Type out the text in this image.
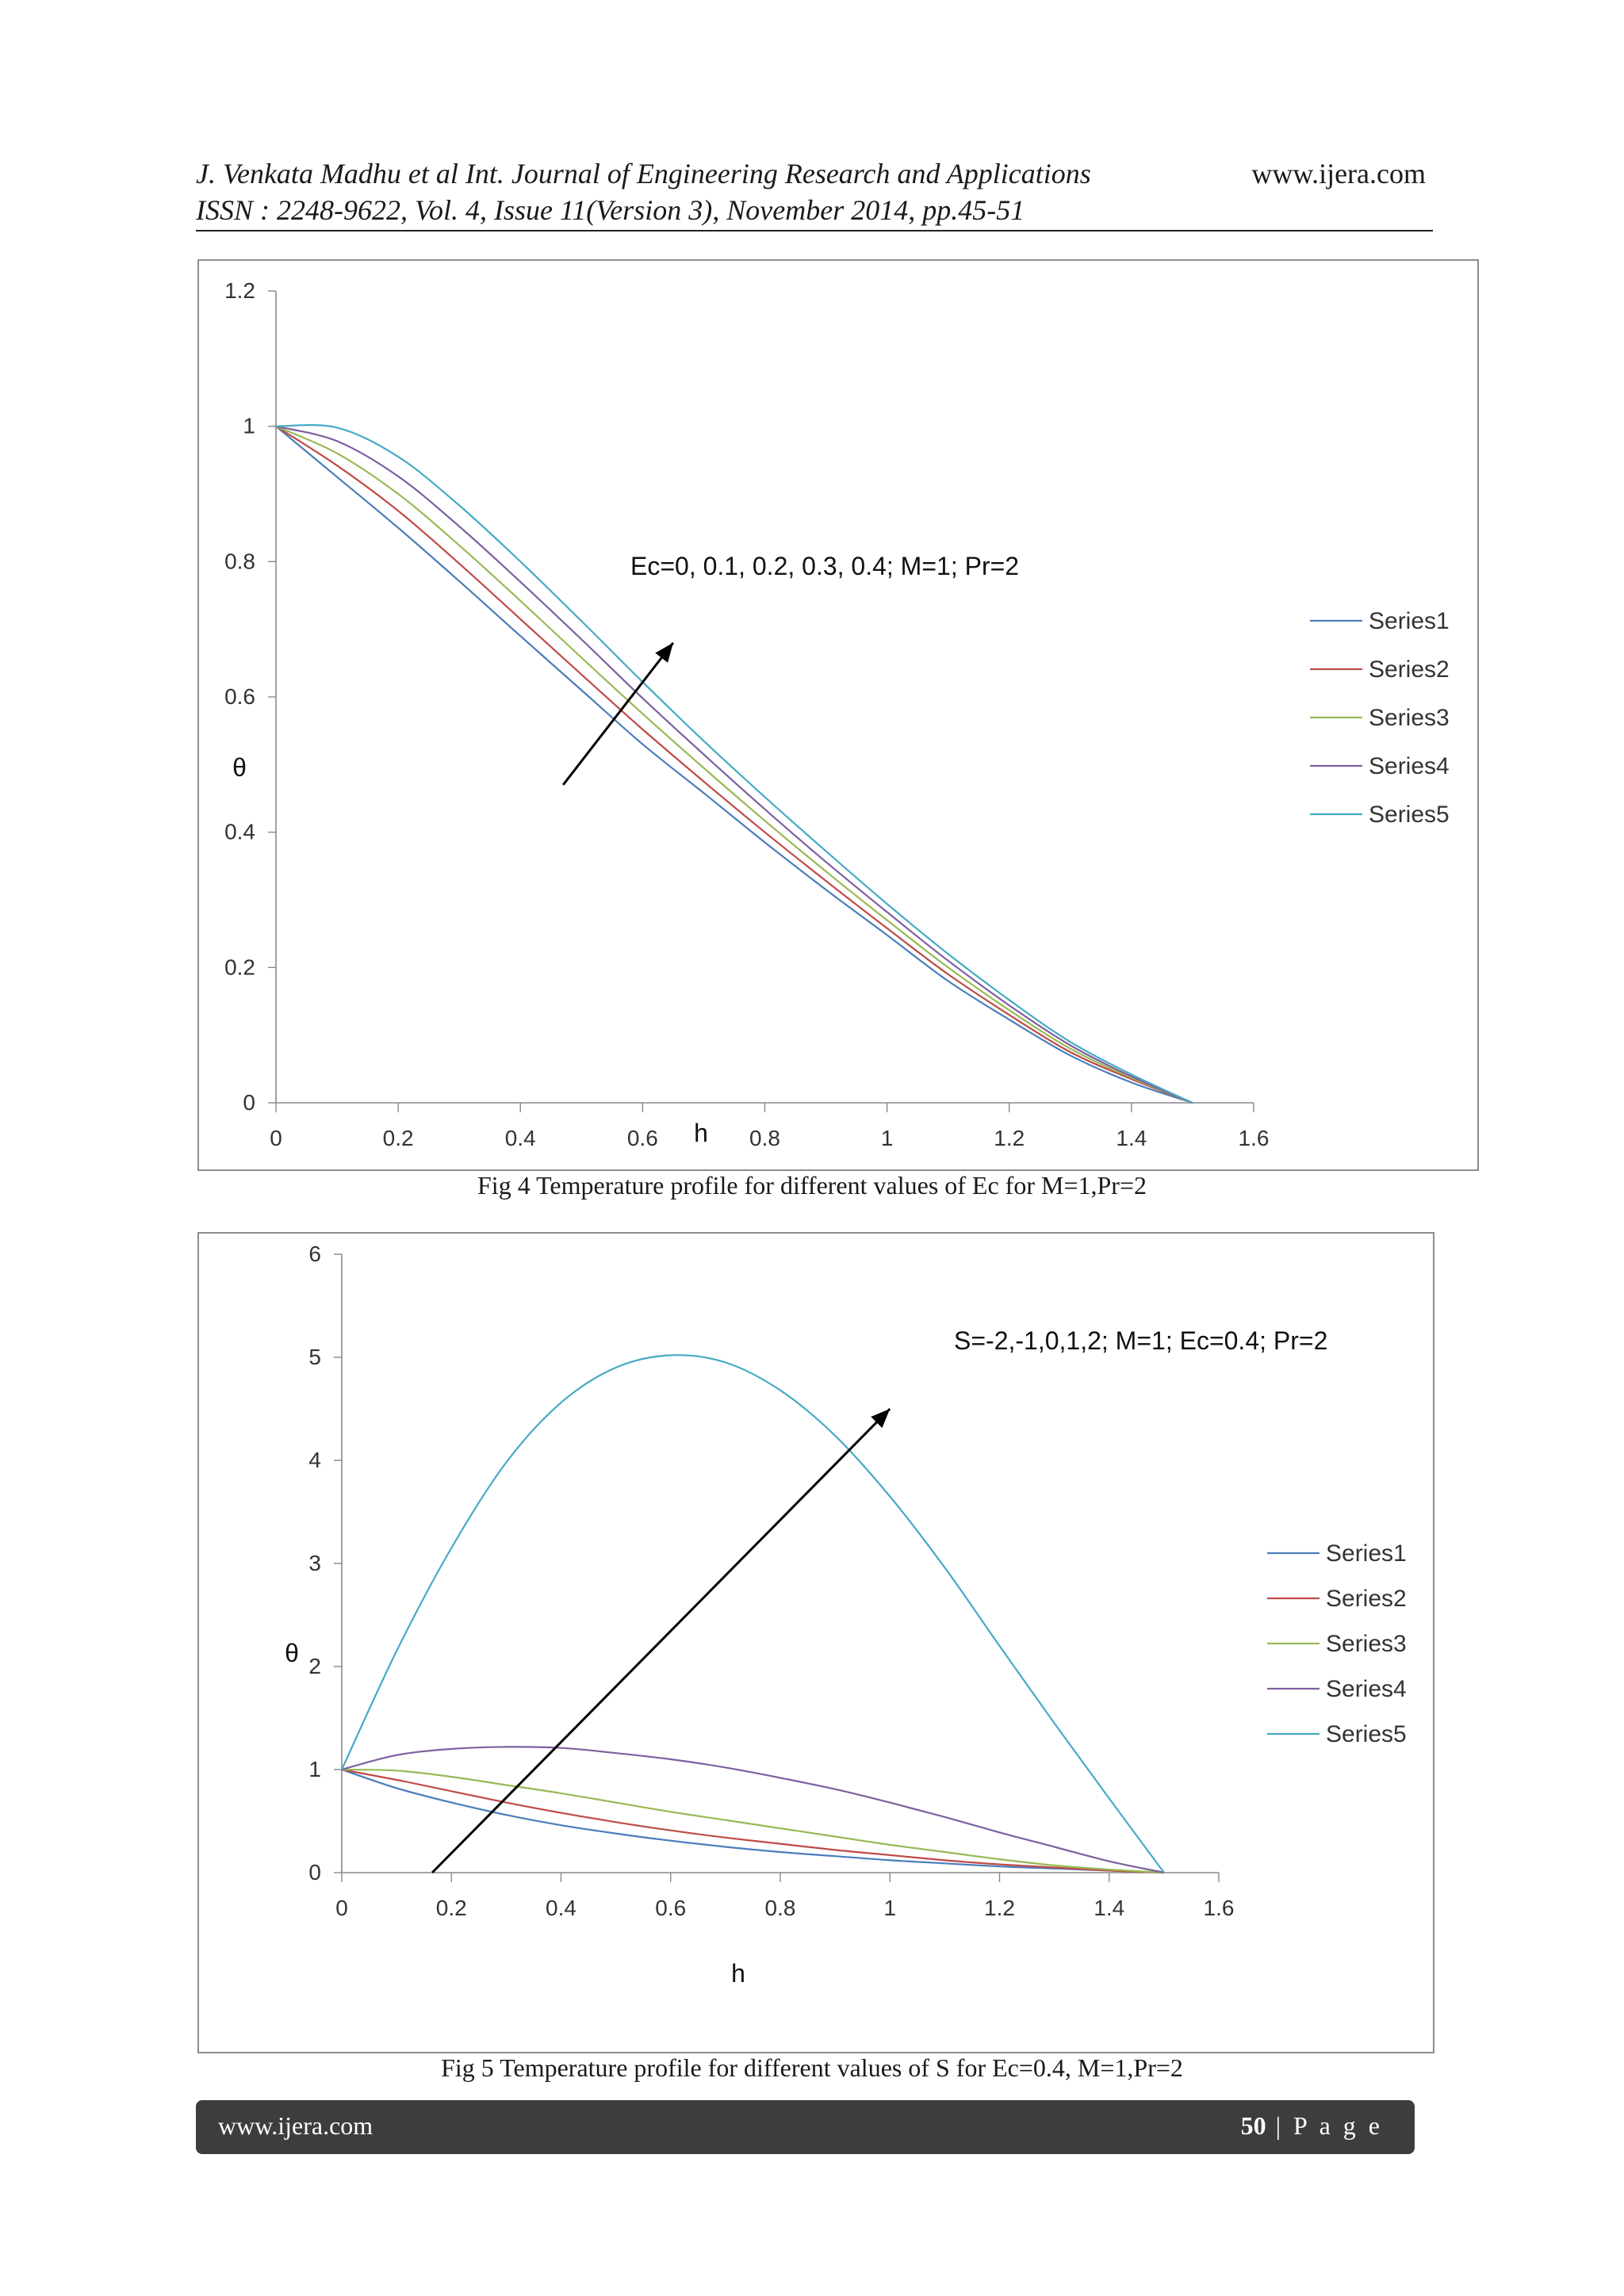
J. Venkata Madhu et al Int. Journal of Engineering Research and Applications
ISSN : 2248-9622, Vol. 4, Issue 11(Version 3), November 2014, pp.45-51
www.ijera.com
0
0.2
0.4
0.6
0.8
1
1.2
0	0.2	0.4	0.6	0.8	1	1.2	1.4	1.6
h
θ
Ec=0, 0.1, 0.2, 0.3, 0.4; M=1; Pr=2
Series1
Series2
Series3
Series4
Series5
Fig 4 Temperature profile for different values of Ec for M=1,Pr=2
0
1
2
3
4
5
6
0	0.2	0.4	0.6	0.8	1	1.2	1.4	1.6
h
θ
S=-2,-1,0,1,2; M=1; Ec=0.4; Pr=2
Series1
Series2
Series3
Series4
Series5
Fig 5 Temperature profile for different values of S for Ec=0.4, M=1,Pr=2
www.ijera.com	50 | P a g e
